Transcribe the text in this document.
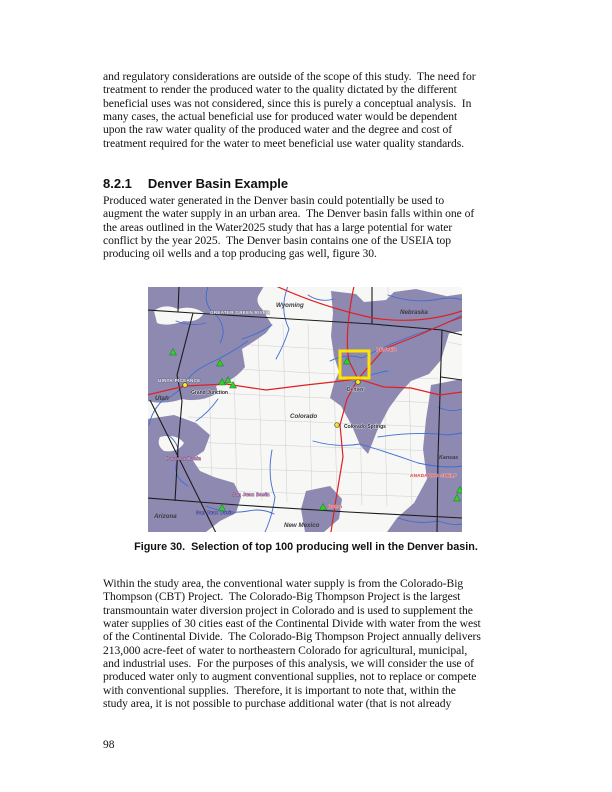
and regulatory considerations are outside of the scope of this study.  The need for
treatment to render the produced water to the quality dictated by the different
beneficial uses was not considered, since this is purely a conceptual analysis.  In
many cases, the actual beneficial use for produced water would be dependent
upon the raw water quality of the produced water and the degree and cost of
treatment required for the water to meet beneficial use water quality standards.
8.2.1 Denver Basin Example
Produced water generated in the Denver basin could potentially be used to
augment the water supply in an urban area.  The Denver basin falls within one of
the areas outlined in the Water2025 study that has a large potential for water
conflict by the year 2025.  The Denver basin contains one of the USEIA top
producing oil wells and a top producing gas well, figure 30.
GREATER GREEN RIVER
UINTA-PICEANCE
DENVER
Paradox Basin
San Juan Basin
San Juan Basin
ANADARKO SHELF
Raton
Wyoming
Nebraska
Utah
Colorado
Kansas
Arizona
New Mexico
Grand Junction	Denver
Colorado Springs
Figure 30.  Selection of top 100 producing well in the Denver basin.
Within the study area, the conventional water supply is from the Colorado-Big
Thompson (CBT) Project.  The Colorado-Big Thompson Project is the largest
transmountain water diversion project in Colorado and is used to supplement the
water supplies of 30 cities east of the Continental Divide with water from the west
of the Continental Divide.  The Colorado-Big Thompson Project annually delivers
213,000 acre-feet of water to northeastern Colorado for agricultural, municipal,
and industrial uses.  For the purposes of this analysis, we will consider the use of
produced water only to augment conventional supplies, not to replace or compete
with conventional supplies.  Therefore, it is important to note that, within the
study area, it is not possible to purchase additional water (that is not already
98
